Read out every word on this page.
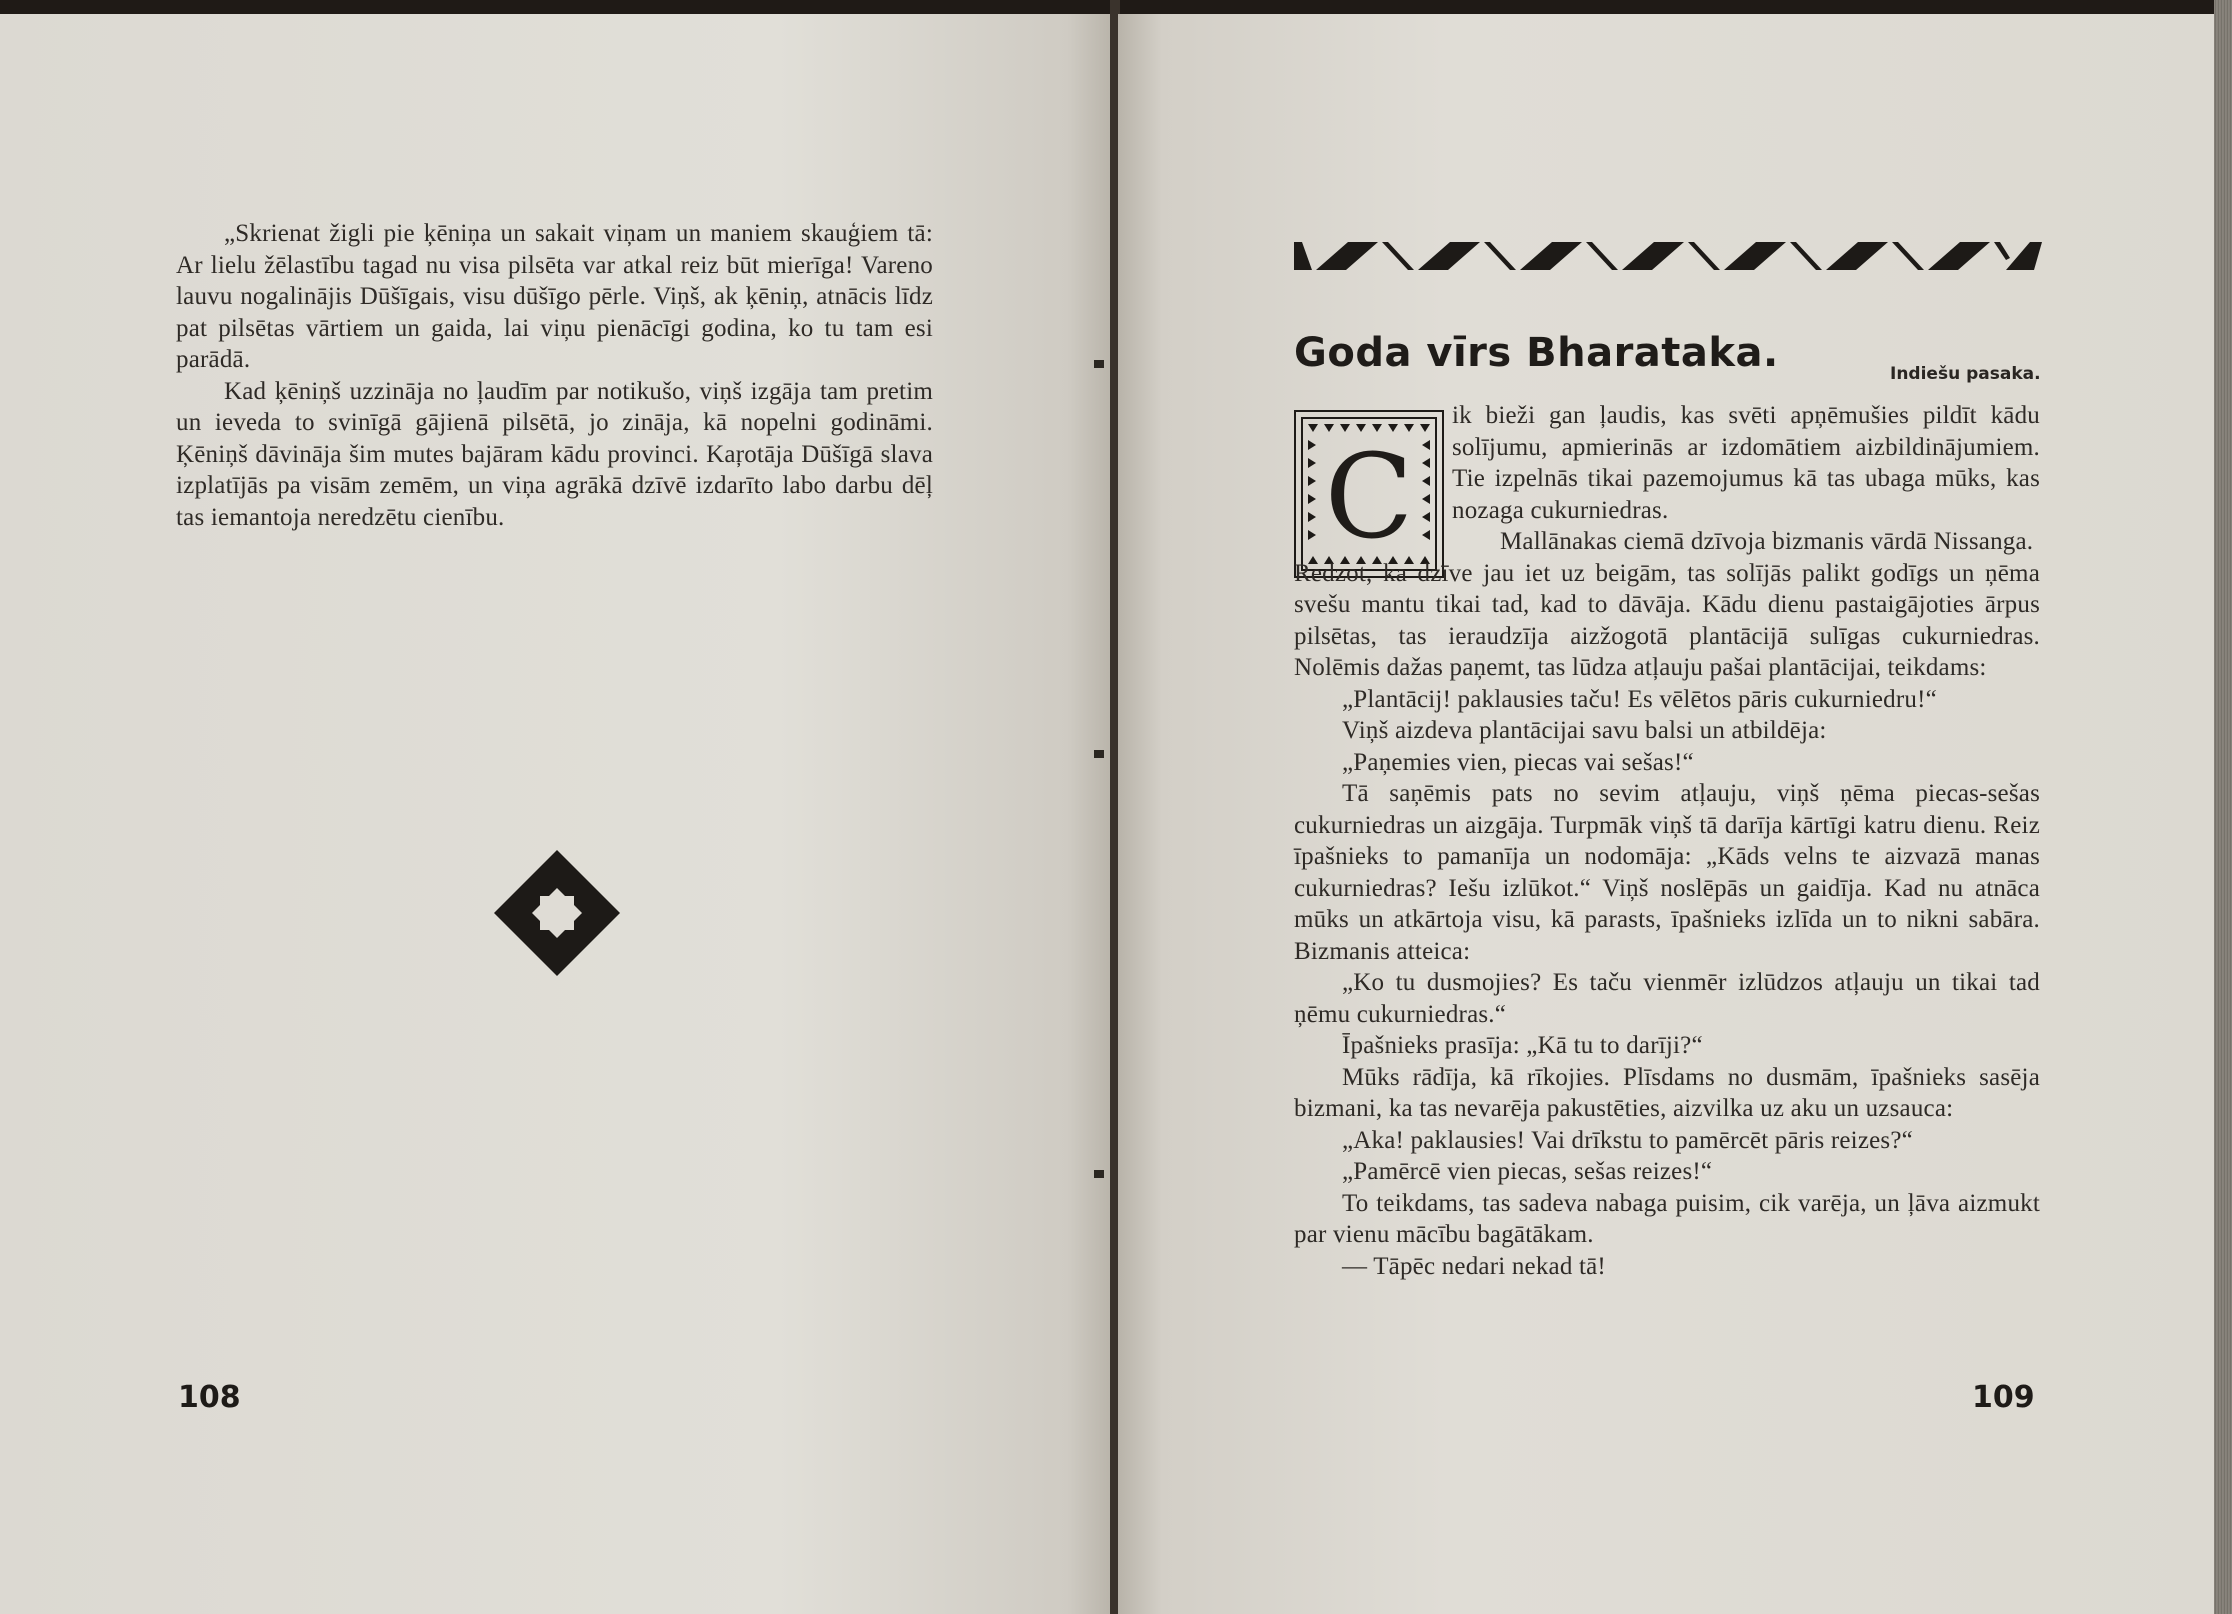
„Skrienat žigli pie ķēniņa un sakait viņam un maniem skauģiem tā: Ar lielu žēlastību tagad nu visa pilsēta var atkal reiz būt mierīga! Vareno lauvu nogalinājis Dūšīgais, visu dūšīgo pērle. Viņš, ak ķēniņ, atnācis līdz pat pilsētas vārtiem un gaida, lai viņu pienācīgi godina, ko tu tam esi parādā.

Kad ķēniņš uzzināja no ļaudīm par notikušo, viņš izgāja tam pretim un ieveda to svinīgā gājienā pilsētā, jo zināja, kā nopelni godināmi. Ķēniņš dāvināja šim mutes bajāram kādu provinci. Kaŗotāja Dūšīgā slava izplatījās pa visām zemēm, un viņa agrākā dzīvē izdarīto labo darbu dēļ tas iemantoja neredzētu cienību.

108
Goda vīrs Bharataka.	Indiešu pasaka.
C

ik bieži gan ļaudis, kas svēti apņēmušies pildīt kādu solījumu, apmierinās ar izdomātiem aizbildinājumiem. Tie izpelnās tikai pazemojumus kā tas ubaga mūks, kas nozaga cukurniedras.

Mallānakas ciemā dzīvoja bizmanis vārdā Nissanga.

Redzot, ka dzīve jau iet uz beigām, tas solījās palikt godīgs un ņēma svešu mantu tikai tad, kad to dāvāja. Kādu dienu pastaigājoties ārpus pilsētas, tas ieraudzīja aizžogotā plantācijā sulīgas cukurniedras. Nolēmis dažas paņemt, tas lūdza atļauju pašai plantācijai, teikdams:

„Plantācij! paklausies taču! Es vēlētos pāris cukurniedru!“

Viņš aizdeva plantācijai savu balsi un atbildēja:

„Paņemies vien, piecas vai sešas!“

Tā saņēmis pats no sevim atļauju, viņš ņēma piecas-sešas cukurniedras un aizgāja. Turpmāk viņš tā darīja kārtīgi katru dienu. Reiz īpašnieks to pamanīja un nodomāja: „Kāds velns te aizvazā manas cukurniedras? Iešu izlūkot.“ Viņš noslēpās un gaidīja. Kad nu atnāca mūks un atkārtoja visu, kā parasts, īpašnieks izlīda un to nikni sabāra. Bizmanis atteica:

„Ko tu dusmojies? Es taču vienmēr izlūdzos atļauju un tikai tad ņēmu cukurniedras.“

Īpašnieks prasīja: „Kā tu to darīji?“

Mūks rādīja, kā rīkojies. Plīsdams no dusmām, īpašnieks sasēja bizmani, ka tas nevarēja pakustēties, aizvilka uz aku un uzsauca:

„Aka! paklausies! Vai drīkstu to pamērcēt pāris reizes?“

„Pamērcē vien piecas, sešas reizes!“

To teikdams, tas sadeva nabaga puisim, cik varēja, un ļāva aizmukt par vienu mācību bagātākam.

— Tāpēc nedari nekad tā!

109
